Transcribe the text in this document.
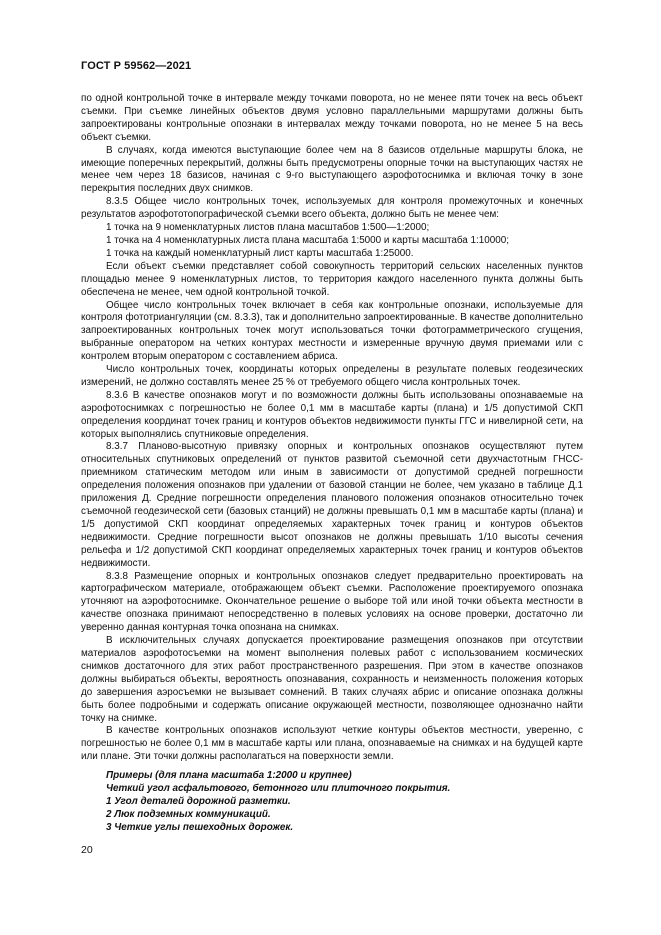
ГОСТ Р 59562—2021

по одной контрольной точке в интервале между точками поворота, но не менее пяти точек на весь объект съемки. При съемке линейных объектов двумя условно параллельными маршрутами должны быть запроектированы контрольные опознаки в интервалах между точками поворота, но не менее 5 на весь объект съемки.

В случаях, когда имеются выступающие более чем на 8 базисов отдельные маршруты блока, не имеющие поперечных перекрытий, должны быть предусмотрены опорные точки на выступающих частях не менее чем через 18 базисов, начиная с 9-го выступающего аэрофотоснимка и включая точку в зоне перекрытия последних двух снимков.

8.3.5 Общее число контрольных точек, используемых для контроля промежуточных и конечных результатов аэрофототопографической съемки всего объекта, должно быть не менее чем:

1 точка на 9 номенклатурных листов плана масштабов 1:500—1:2000;

1 точка на 4 номенклатурных листа плана масштаба 1:5000 и карты масштаба 1:10000;

1 точка на каждый номенклатурный лист карты масштаба 1:25000.

Если объект съемки представляет собой совокупность территорий сельских населенных пунктов площадью менее 9 номенклатурных листов, то территория каждого населенного пункта должны быть обеспечена не менее, чем одной контрольной точкой.

Общее число контрольных точек включает в себя как контрольные опознаки, используемые для контроля фототриангуляции (см. 8.3.3), так и дополнительно запроектированные. В качестве дополнительно запроектированных контрольных точек могут использоваться точки фотограмметрического сгущения, выбранные оператором на четких контурах местности и измеренные вручную двумя приемами или с контролем вторым оператором с составлением абриса.

Число контрольных точек, координаты которых определены в результате полевых геодезических измерений, не должно составлять менее 25 % от требуемого общего числа контрольных точек.

8.3.6 В качестве опознаков могут и по возможности должны быть использованы опознаваемые на аэрофотоснимках с погрешностью не более 0,1 мм в масштабе карты (плана) и 1/5 допустимой СКП определения координат точек границ и контуров объектов недвижимости пункты ГГС и нивелирной сети, на которых выполнялись спутниковые определения.

8.3.7 Планово-высотную привязку опорных и контрольных опознаков осуществляют путем относительных спутниковых определений от пунктов развитой съемочной сети двухчастотным ГНСС-приемником статическим методом или иным в зависимости от допустимой средней погрешности определения положения опознаков при удалении от базовой станции не более, чем указано в таблице Д.1 приложения Д. Средние погрешности определения планового положения опознаков относительно точек съемочной геодезической сети (базовых станций) не должны превышать 0,1 мм в масштабе карты (плана) и 1/5 допустимой СКП координат определяемых характерных точек границ и контуров объектов недвижимости. Средние погрешности высот опознаков не должны превышать 1/10 высоты сечения рельефа и 1/2 допустимой СКП координат определяемых характерных точек границ и контуров объектов недвижимости.

8.3.8 Размещение опорных и контрольных опознаков следует предварительно проектировать на картографическом материале, отображающем объект съемки. Расположение проектируемого опознака уточняют на аэрофотоснимке. Окончательное решение о выборе той или иной точки объекта местности в качестве опознака принимают непосредственно в полевых условиях на основе проверки, достаточно ли уверенно данная контурная точка опознана на снимках.

В исключительных случаях допускается проектирование размещения опознаков при отсутствии материалов аэрофотосъемки на момент выполнения полевых работ с использованием космических снимков достаточного для этих работ пространственного разрешения. При этом в качестве опознаков должны выбираться объекты, вероятность опознавания, сохранность и неизменность положения которых до завершения аэросъемки не вызывает сомнений. В таких случаях абрис и описание опознака должны быть более подробными и содержать описание окружающей местности, позволяющее однозначно найти точку на снимке.

В качестве контрольных опознаков используют четкие контуры объектов местности, уверенно, с погрешностью не более 0,1 мм в масштабе карты или плана, опознаваемые на снимках и на будущей карте или плане. Эти точки должны располагаться на поверхности земли.

Примеры (для плана масштаба 1:2000 и крупнее)

Четкий угол асфальтового, бетонного или плиточного покрытия.

1 Угол деталей дорожной разметки.

2 Люк подземных коммуникаций.

3 Четкие углы пешеходных дорожек.

20
